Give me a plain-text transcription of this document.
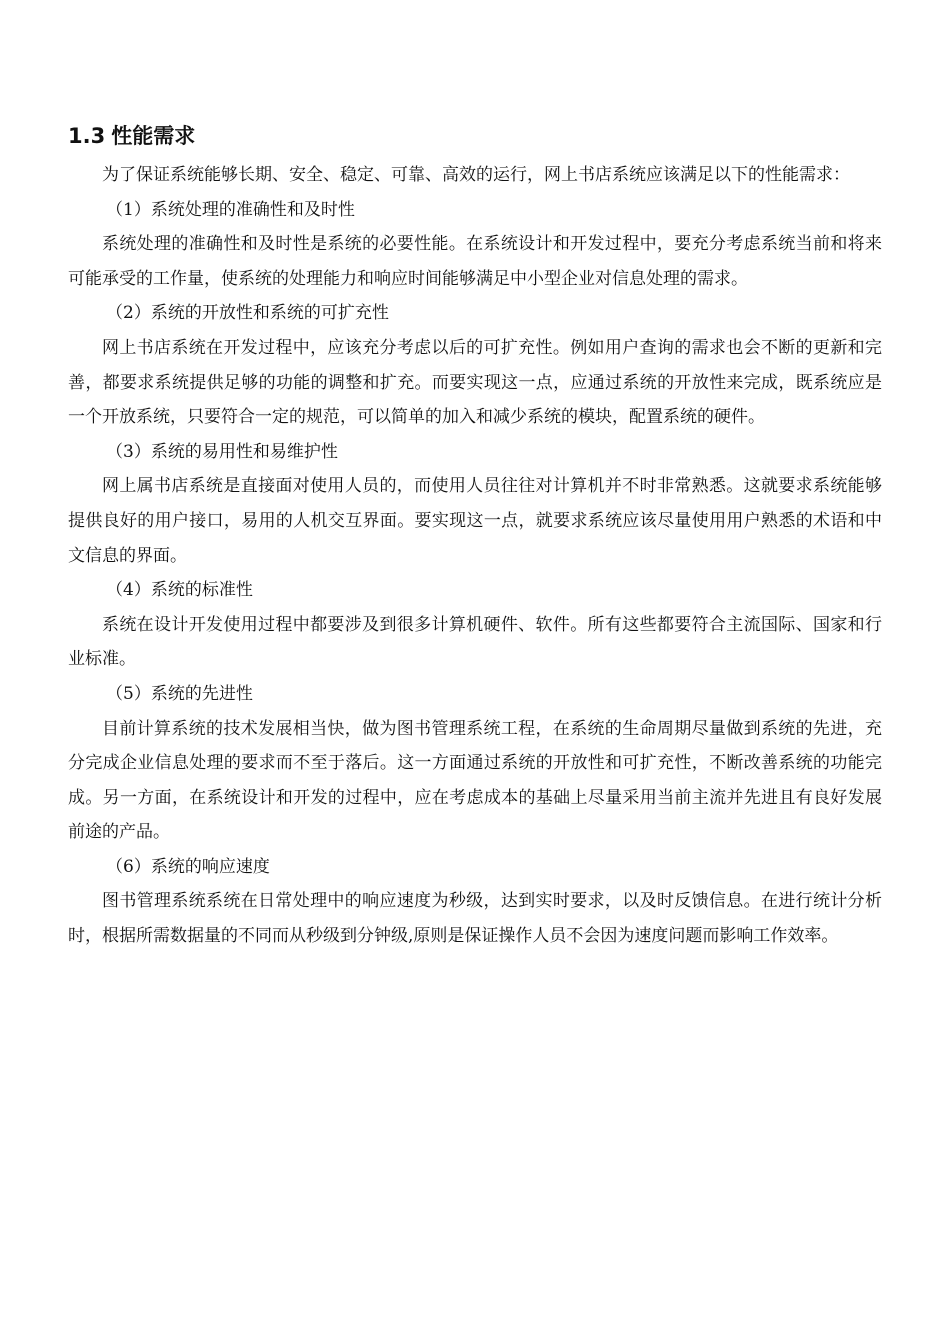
1.3 性能需求

为了保证系统能够长期、安全、稳定、可靠、高效的运行，网上书店系统应该满足以下的性能需求：

（1）系统处理的准确性和及时性

系统处理的准确性和及时性是系统的必要性能。在系统设计和开发过程中，要充分考虑系统当前和将来可能承受的工作量，使系统的处理能力和响应时间能够满足中小型企业对信息处理的需求。

（2）系统的开放性和系统的可扩充性

网上书店系统在开发过程中，应该充分考虑以后的可扩充性。例如用户查询的需求也会不断的更新和完善，都要求系统提供足够的功能的调整和扩充。而要实现这一点，应通过系统的开放性来完成，既系统应是一个开放系统，只要符合一定的规范，可以简单的加入和减少系统的模块，配置系统的硬件。

（3）系统的易用性和易维护性

网上属书店系统是直接面对使用人员的，而使用人员往往对计算机并不时非常熟悉。这就要求系统能够提供良好的用户接口，易用的人机交互界面。要实现这一点，就要求系统应该尽量使用用户熟悉的术语和中文信息的界面。

（4）系统的标准性

系统在设计开发使用过程中都要涉及到很多计算机硬件、软件。所有这些都要符合主流国际、国家和行业标准。

（5）系统的先进性

目前计算系统的技术发展相当快，做为图书管理系统工程，在系统的生命周期尽量做到系统的先进，充分完成企业信息处理的要求而不至于落后。这一方面通过系统的开放性和可扩充性，不断改善系统的功能完成。另一方面，在系统设计和开发的过程中，应在考虑成本的基础上尽量采用当前主流并先进且有良好发展前途的产品。

（6）系统的响应速度

图书管理系统系统在日常处理中的响应速度为秒级，达到实时要求，以及时反馈信息。在进行统计分析时，根据所需数据量的不同而从秒级到分钟级,原则是保证操作人员不会因为速度问题而影响工作效率。
